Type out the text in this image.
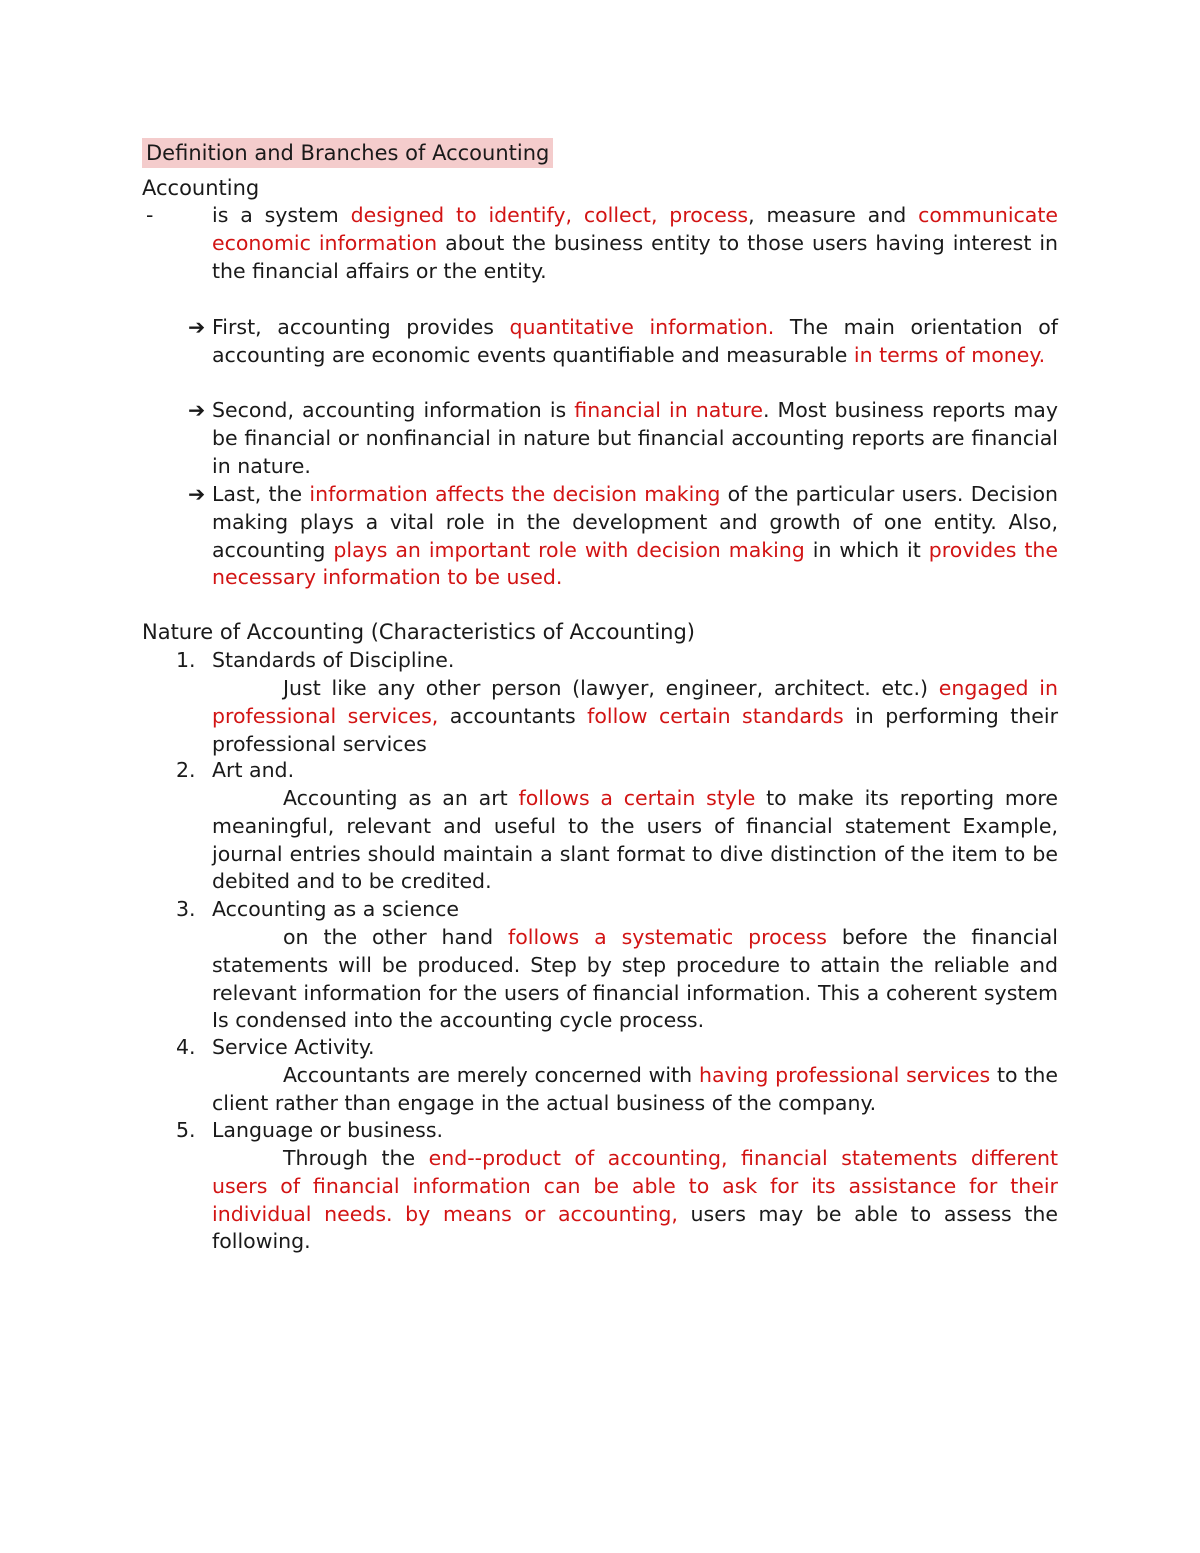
Definition and Branches of Accounting
Accounting
-	is a system designed to identify, collect, process, measure and communicate economic information about the business entity to those users having interest in the financial affairs or the entity.
➔ First, accounting provides quantitative information. The main orientation of accounting are economic events quantifiable and measurable in terms of money.
➔ Second, accounting information is financial in nature. Most business reports may be financial or nonfinancial in nature but financial accounting reports are financial in nature.
➔ Last, the information affects the decision making of the particular users. Decision making plays a vital role in the development and growth of one entity. Also, accounting plays an important role with decision making in which it provides the necessary information to be used.
Nature of Accounting (Characteristics of Accounting)
1. Standards of Discipline.
Just like any other person (lawyer, engineer, architect. etc.) engaged in professional services, accountants follow certain standards in performing their professional services
2. Art and.
Accounting as an art follows a certain style to make its reporting more meaningful, relevant and useful to the users of financial statement Example, journal entries should maintain a slant format to dive distinction of the item to be debited and to be credited.
3. Accounting as a science
on the other hand follows a systematic process before the financial statements will be produced. Step by step procedure to attain the reliable and relevant information for the users of financial information. This a coherent system Is condensed into the accounting cycle process.
4. Service Activity.
Accountants are merely concerned with having professional services to the client rather than engage in the actual business of the company.
5. Language or business.
Through the end--product of accounting, financial statements different users of financial information can be able to ask for its assistance for their individual needs. by means or accounting, users may be able to assess the following.
